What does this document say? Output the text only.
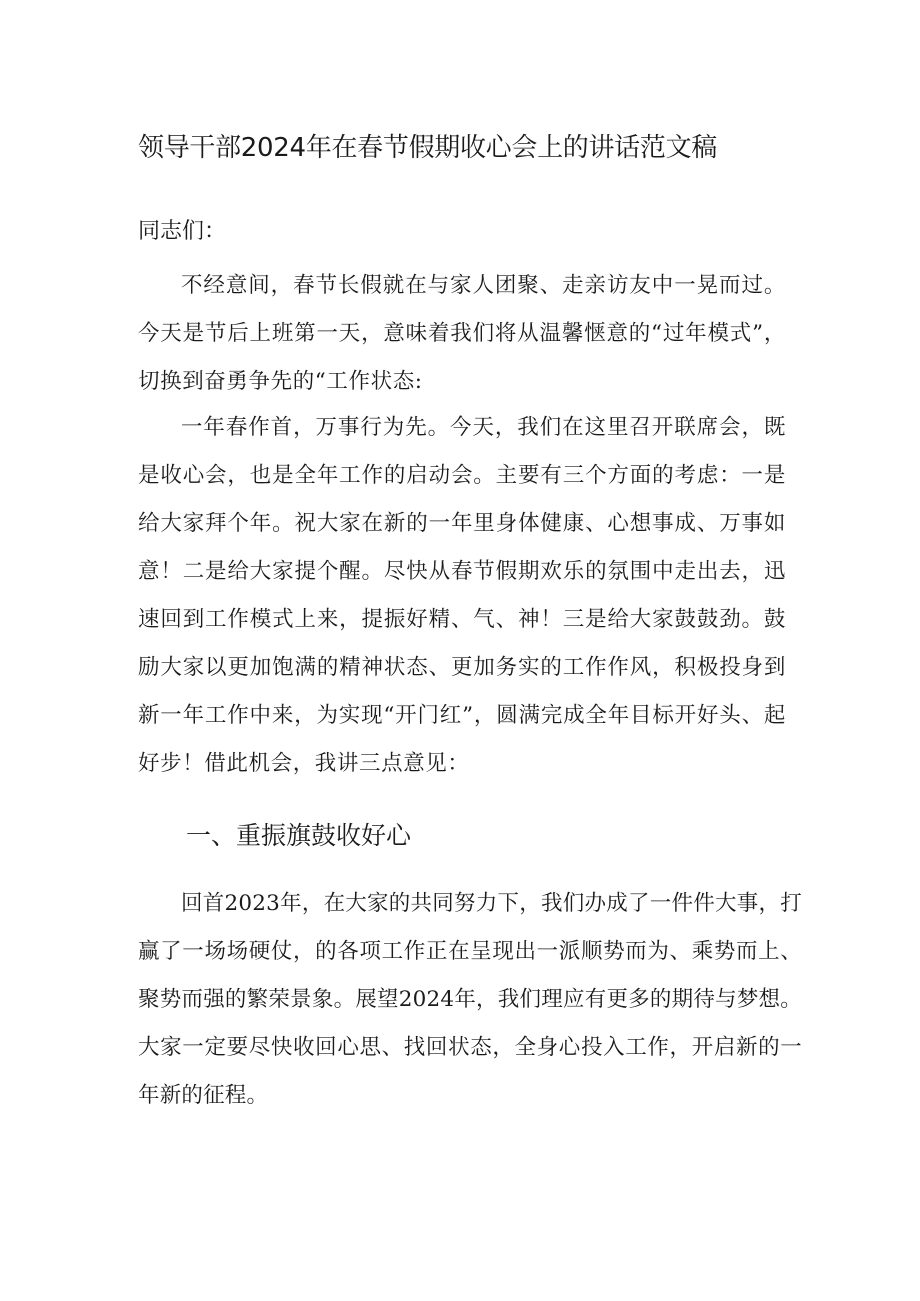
领导干部2024年在春节假期收心会上的讲话范文稿

同志们：

不经意间，春节长假就在与家人团聚、走亲访友中一晃而过。今天是节后上班第一天，意味着我们将从温馨惬意的“过年模式”，切换到奋勇争先的“工作状态:

一年春作首，万事行为先。今天，我们在这里召开联席会，既是收心会，也是全年工作的启动会。主要有三个方面的考虑：一是给大家拜个年。祝大家在新的一年里身体健康、心想事成、万事如意！二是给大家提个醒。尽快从春节假期欢乐的氛围中走出去，迅速回到工作模式上来，提振好精、气、神！三是给大家鼓鼓劲。鼓励大家以更加饱满的精神状态、更加务实的工作作风，积极投身到新一年工作中来，为实现“开门红”，圆满完成全年目标开好头、起好步！借此机会，我讲三点意见：

一、重振旗鼓收好心

回首2023年，在大家的共同努力下，我们办成了一件件大事，打赢了一场场硬仗，的各项工作正在呈现出一派顺势而为、乘势而上、聚势而强的繁荣景象。展望2024年，我们理应有更多的期待与梦想。大家一定要尽快收回心思、找回状态，全身心投入工作，开启新的一年新的征程。
